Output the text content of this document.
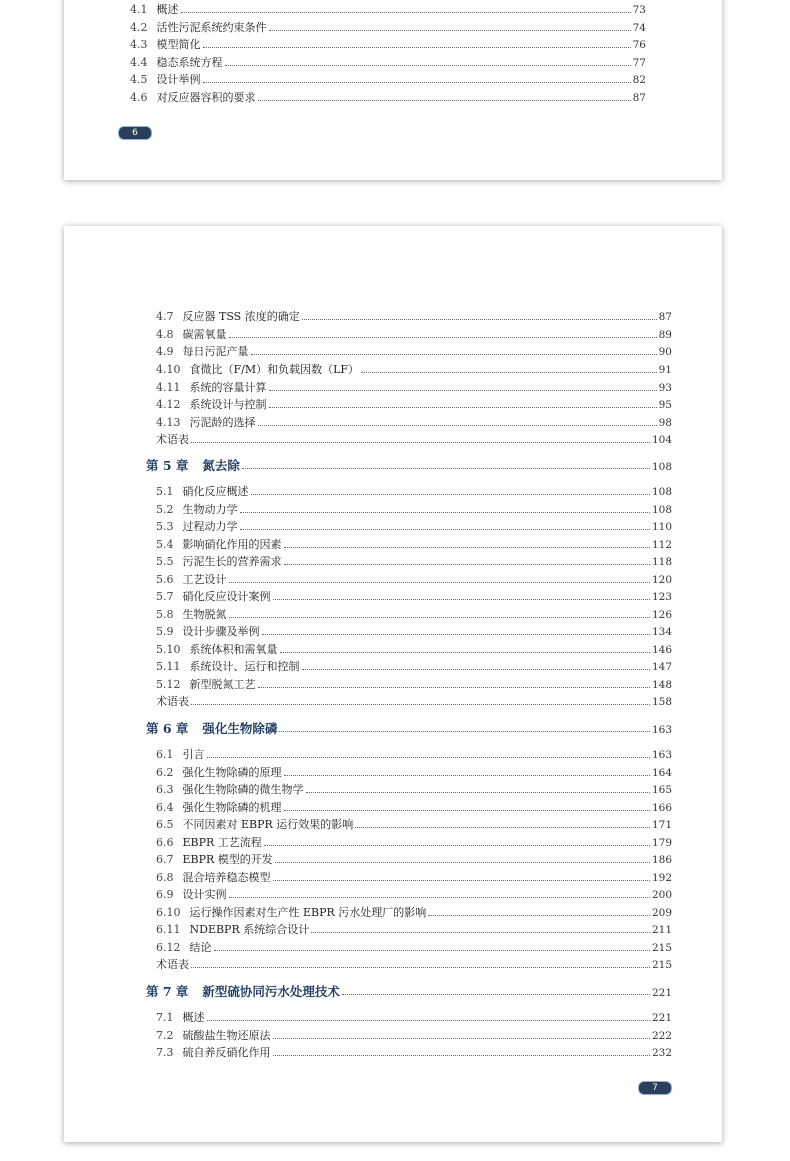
4.1 概述	73
4.2 活性污泥系统约束条件	74
4.3 模型简化	76
4.4 稳态系统方程	77
4.5 设计举例	82
4.6 对反应器容积的要求	87
6
4.7 反应器 TSS 浓度的确定	87
4.8 碳需氧量	89
4.9 每日污泥产量	90
4.10 食微比（F/M）和负载因数（LF）	91
4.11 系统的容量计算	93
4.12 系统设计与控制	95
4.13 污泥龄的选择	98
术语表	104
第 5 章 氮去除	108
5.1 硝化反应概述	108
5.2 生物动力学	108
5.3 过程动力学	110
5.4 影响硝化作用的因素	112
5.5 污泥生长的营养需求	118
5.6 工艺设计	120
5.7 硝化反应设计案例	123
5.8 生物脱氮	126
5.9 设计步骤及举例	134
5.10 系统体积和需氧量	146
5.11 系统设计、运行和控制	147
5.12 新型脱氮工艺	148
术语表	158
第 6 章 强化生物除磷	163
6.1 引言	163
6.2 强化生物除磷的原理	164
6.3 强化生物除磷的微生物学	165
6.4 强化生物除磷的机理	166
6.5 不同因素对 EBPR 运行效果的影响	171
6.6 EBPR 工艺流程	179
6.7 EBPR 模型的开发	186
6.8 混合培养稳态模型	192
6.9 设计实例	200
6.10 运行操作因素对生产性 EBPR 污水处理厂的影响	209
6.11 NDEBPR 系统综合设计	211
6.12 结论	215
术语表	215
第 7 章 新型硫协同污水处理技术	221
7.1 概述	221
7.2 硫酸盐生物还原法	222
7.3 硫自养反硝化作用	232
7
